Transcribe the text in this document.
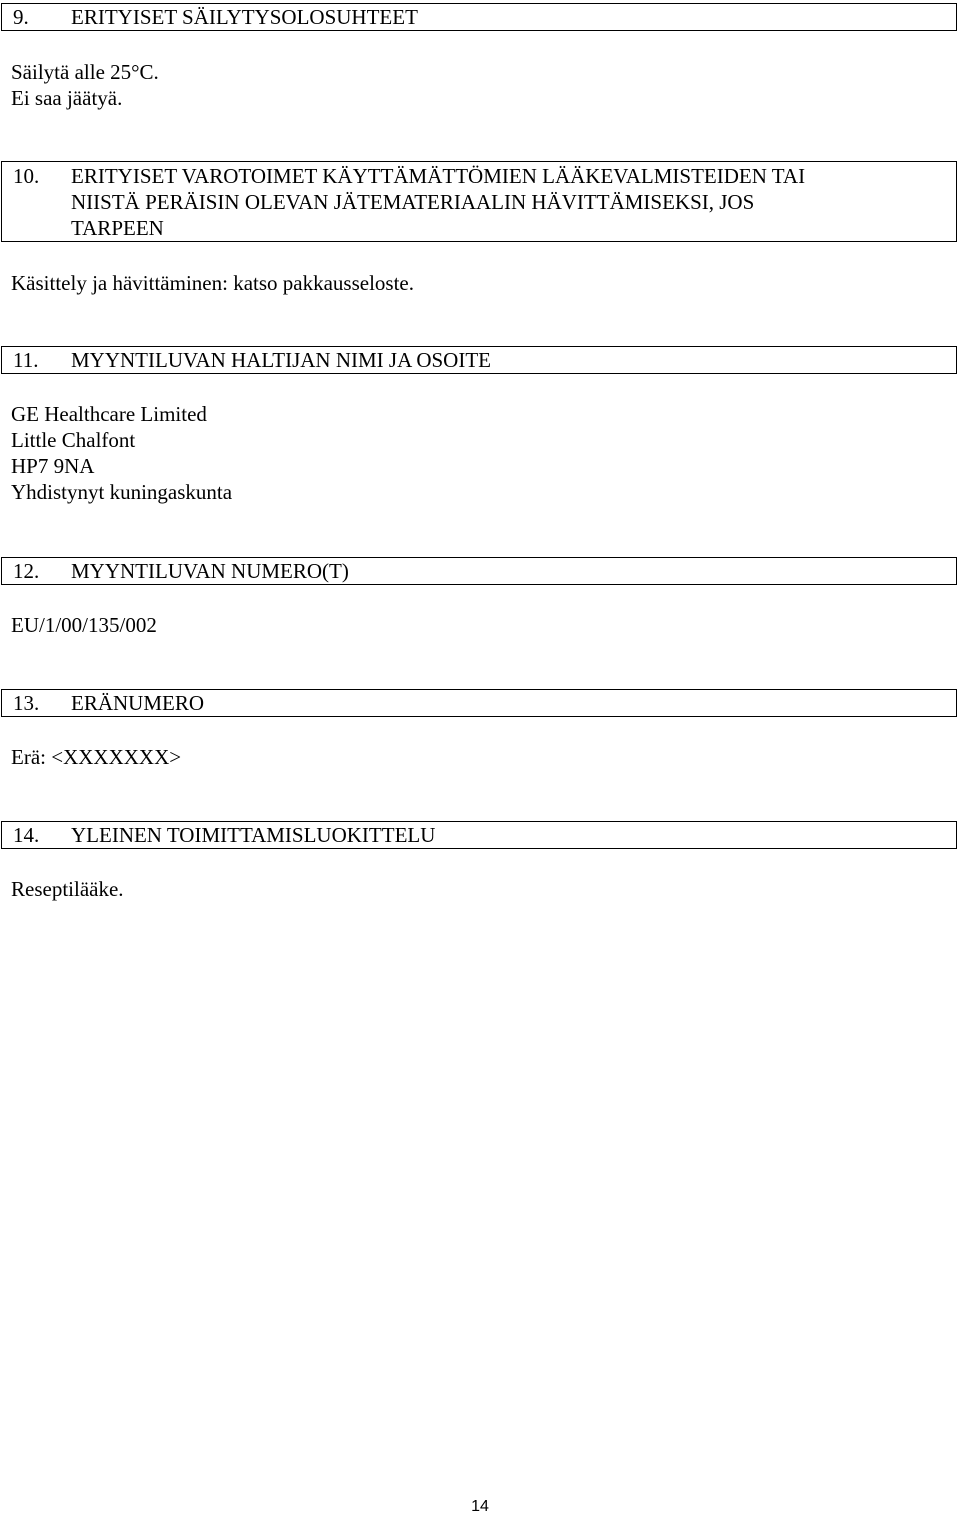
9. ERITYISET SÄILYTYSOLOSUHTEET
Säilytä alle 25°C.
Ei saa jäätyä.
10. ERITYISET VAROTOIMET KÄYTTÄMÄTTÖMIEN LÄÄKEVALMISTEIDEN TAI
NIISTÄ PERÄISIN OLEVAN JÄTEMATERIAALIN HÄVITTÄMISEKSI, JOS
TARPEEN
Käsittely ja hävittäminen: katso pakkausseloste.
11. MYYNTILUVAN HALTIJAN NIMI JA OSOITE
GE Healthcare Limited
Little Chalfont
HP7 9NA
Yhdistynyt kuningaskunta
12. MYYNTILUVAN NUMERO(T)
EU/1/00/135/002
13. ERÄNUMERO
Erä: <XXXXXXX>
14. YLEINEN TOIMITTAMISLUOKITTELU
Reseptilääke.
14
